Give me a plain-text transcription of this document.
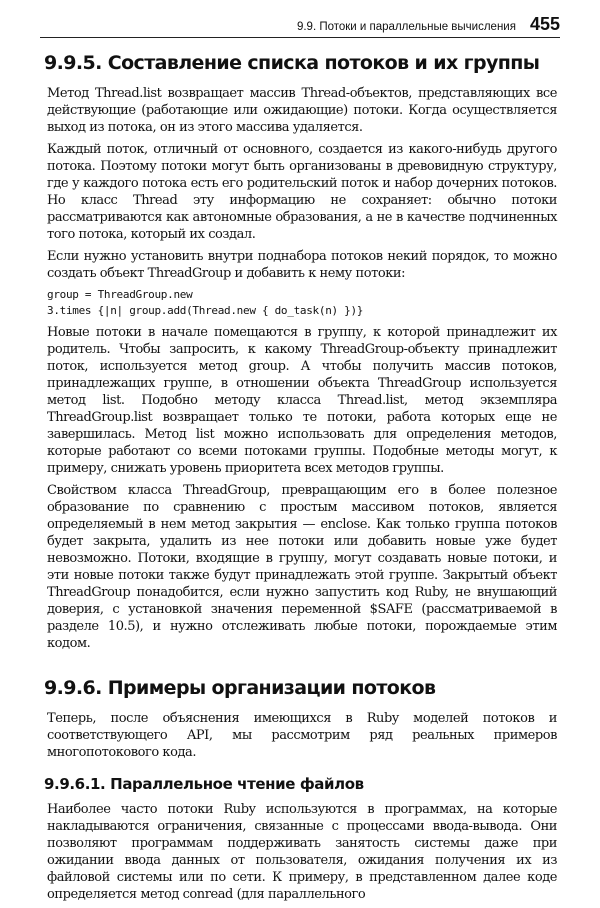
9.9. Потоки и параллельные вычисления 455
9.9.5. Составление списка потоков и их группы

Метод Thread.list возвращает массив Thread-объектов, представляющих все действующие (работающие или ожидающие) потоки. Когда осуществляется выход из потока, он из этого массива удаляется.

Каждый поток, отличный от основного, создается из какого-нибудь другого потока. Поэтому потоки могут быть организованы в древовидную структуру, где у каждого потока есть его родительский поток и набор дочерних потоков. Но класс Thread эту информацию не сохраняет: обычно потоки рассматриваются как автономные образования, а не в качестве подчиненных того потока, который их создал.

Если нужно установить внутри поднабора потоков некий порядок, то можно создать объект ThreadGroup и добавить к нему потоки:

group = ThreadGroup.new
3.times {|n| group.add(Thread.new { do_task(n) })}

Новые потоки в начале помещаются в группу, к которой принадлежит их родитель. Чтобы запросить, к какому ThreadGroup-объекту принадлежит поток, используется метод group. А чтобы получить массив потоков, принадлежащих группе, в отношении объекта ThreadGroup используется метод list. Подобно методу класса Thread.list, метод экземпляра ThreadGroup.list возвращает только те потоки, работа которых еще не завершилась. Метод list можно использовать для определения методов, которые работают со всеми потоками группы. Подобные методы могут, к примеру, снижать уровень приоритета всех методов группы.

Свойством класса ThreadGroup, превращающим его в более полезное образование по сравнению с простым массивом потоков, является определяемый в нем метод закрытия — enclose. Как только группа потоков будет закрыта, удалить из нее потоки или добавить новые уже будет невозможно. Потоки, входящие в группу, могут создавать новые потоки, и эти новые потоки также будут принадлежать этой группе. Закрытый объект ThreadGroup понадобится, если нужно запустить код Ruby, не внушающий доверия, с установкой значения переменной $SAFE (рассматриваемой в разделе 10.5), и нужно отслеживать любые потоки, порождаемые этим кодом.

9.9.6. Примеры организации потоков

Теперь, после объяснения имеющихся в Ruby моделей потоков и соответствующего API, мы рассмотрим ряд реальных примеров многопотокового кода.

9.9.6.1. Параллельное чтение файлов

Наиболее часто потоки Ruby используются в программах, на которые накладываются ограничения, связанные с процессами ввода-вывода. Они позволяют программам поддерживать занятость системы даже при ожидании ввода данных от пользователя, ожидания получения их из файловой системы или по сети. К примеру, в представленном далее коде определяется метод conread (для параллельного
